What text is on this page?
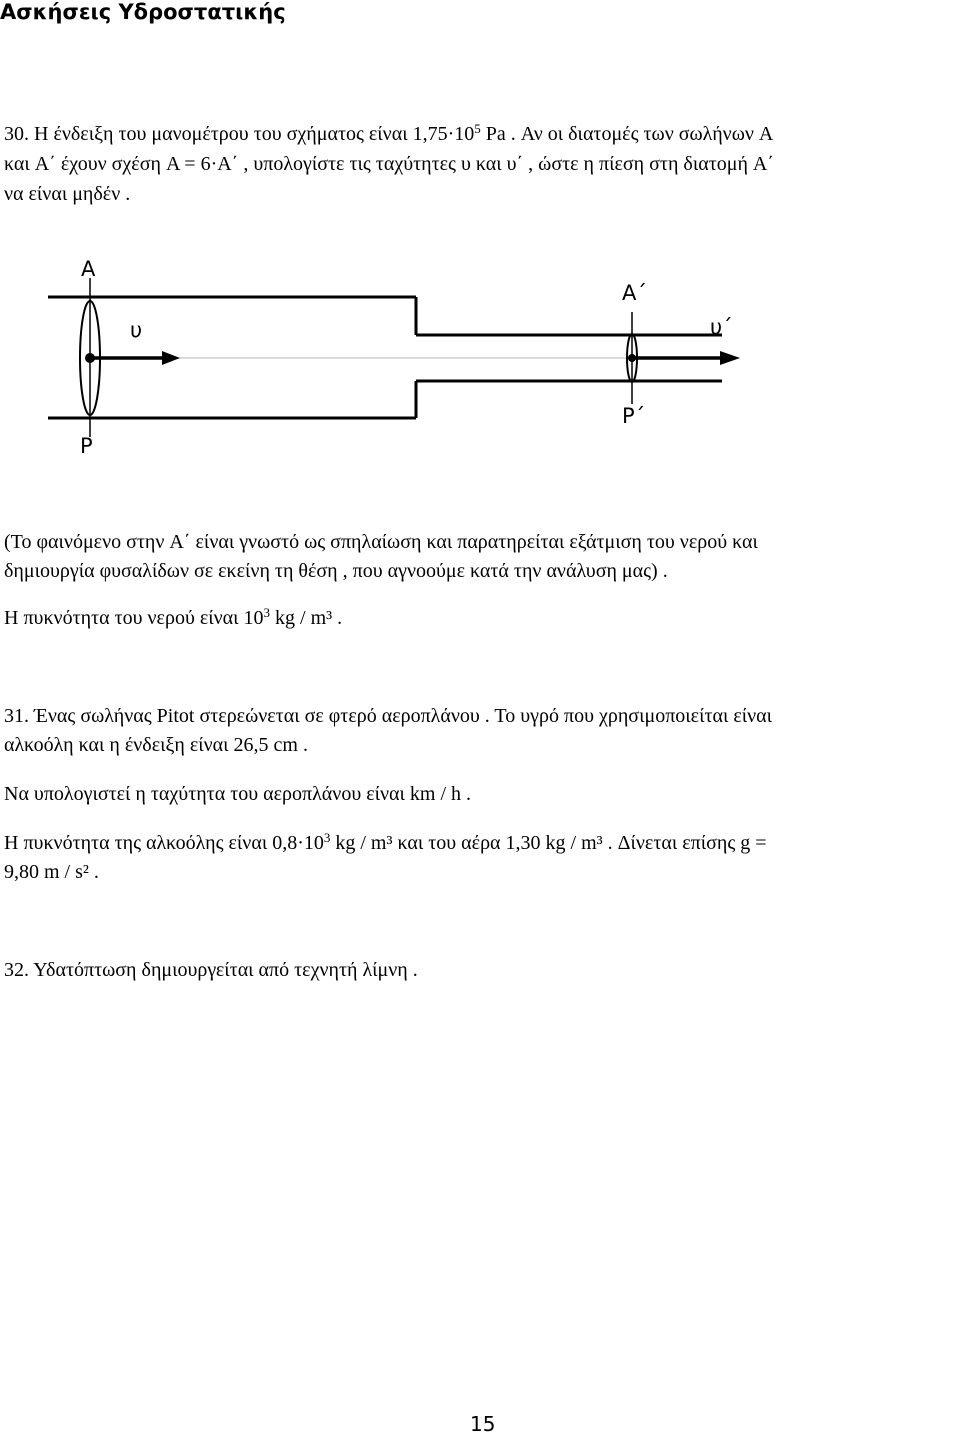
Ασκήσεις Υδροστατικής

30. Η ένδειξη του μανομέτρου του σχήματος είναι $1,75\cdot 10^5$ Pa . Αν οι διατομές των σωλήνων A

και A΄ έχουν σχέση A = 6·A΄ , υπολογίστε τις ταχύτητες υ και υ΄ , ώστε η πίεση στη διατομή A΄

να είναι μηδέν .

A
P
υ
A΄
P΄
υ΄

(Το φαινόμενο στην A΄ είναι γνωστό ως σπηλαίωση και παρατηρείται εξάτμιση του νερού και

δημιουργία φυσαλίδων σε εκείνη τη θέση , που αγνοούμε κατά την ανάλυση μας) .

Η πυκνότητα του νερού είναι $10^3$ kg / m³ .

31. Ένας σωλήνας Pitot στερεώνεται σε φτερό αεροπλάνου . Το υγρό που χρησιμοποιείται είναι

αλκοόλη και η ένδειξη είναι 26,5 cm .

Να υπολογιστεί η ταχύτητα του αεροπλάνου είναι km / h .

Η πυκνότητα της αλκοόλης είναι $0,8\cdot 10^3$ kg / m³ και του αέρα 1,30 kg / m³ . Δίνεται επίσης g =

9,80 m / s² .

32. Υδατόπτωση δημιουργείται από τεχνητή λίμνη .

15
